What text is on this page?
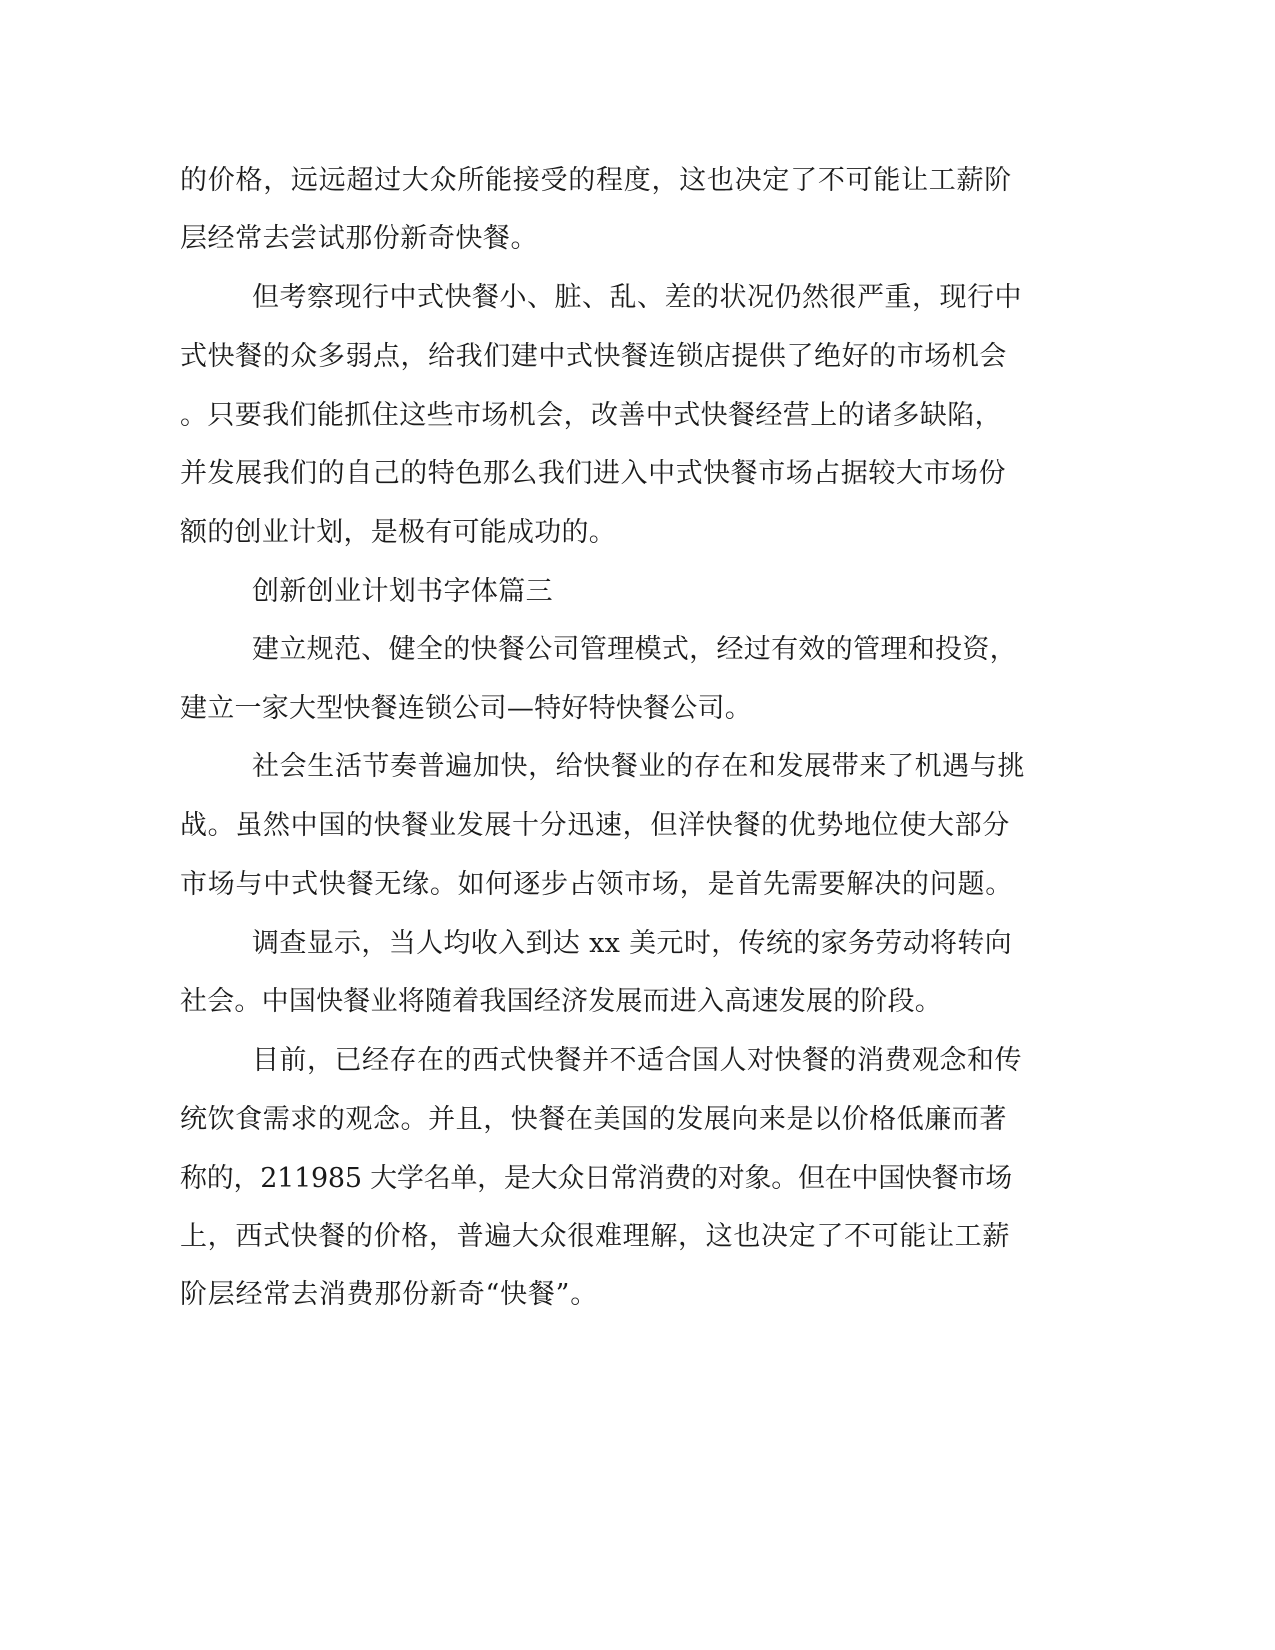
的价格，远远超过大众所能接受的程度，这也决定了不可能让工薪阶
层经常去尝试那份新奇快餐。
但考察现行中式快餐小、脏、乱、差的状况仍然很严重，现行中
式快餐的众多弱点，给我们建中式快餐连锁店提供了绝好的市场机会
。只要我们能抓住这些市场机会，改善中式快餐经营上的诸多缺陷，
并发展我们的自己的特色那么我们进入中式快餐市场占据较大市场份
额的创业计划，是极有可能成功的。
创新创业计划书字体篇三
建立规范、健全的快餐公司管理模式，经过有效的管理和投资，
建立一家大型快餐连锁公司—特好特快餐公司。
社会生活节奏普遍加快，给快餐业的存在和发展带来了机遇与挑
战。虽然中国的快餐业发展十分迅速，但洋快餐的优势地位使大部分
市场与中式快餐无缘。如何逐步占领市场，是首先需要解决的问题。
调查显示，当人均收入到达 xx 美元时，传统的家务劳动将转向
社会。中国快餐业将随着我国经济发展而进入高速发展的阶段。
目前，已经存在的西式快餐并不适合国人对快餐的消费观念和传
统饮食需求的观念。并且，快餐在美国的发展向来是以价格低廉而著
称的，211985 大学名单，是大众日常消费的对象。但在中国快餐市场
上，西式快餐的价格，普遍大众很难理解，这也决定了不可能让工薪
阶层经常去消费那份新奇“快餐”。
